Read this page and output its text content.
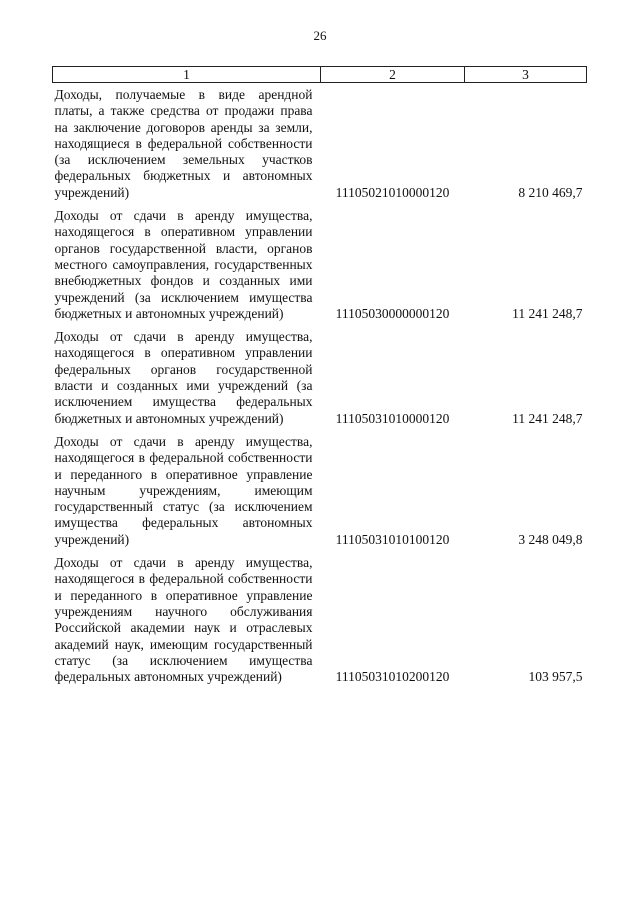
26
1	2	3
Доходы, получаемые в виде арендной платы, а также средства от продажи права на заключение договоров аренды за земли, находящиеся в федеральной собственности (за исключением земельных участков федеральных бюджетных и автономных учреждений)	11105021010000120	8 210 469,7
Доходы от сдачи в аренду имущества, находящегося в оперативном управлении органов государственной власти, органов местного самоуправления, государственных внебюджетных фондов и созданных ими учреждений (за исключением имущества бюджетных и автономных учреждений)	11105030000000120	11 241 248,7
Доходы от сдачи в аренду имущества, находящегося в оперативном управлении федеральных органов государственной власти и созданных ими учреждений (за исключением имущества федеральных бюджетных и автономных учреждений)	11105031010000120	11 241 248,7
Доходы от сдачи в аренду имущества, находящегося в федеральной собственности и переданного в оперативное управление научным учреждениям, имеющим государственный статус (за исключением имущества федеральных автономных учреждений)	11105031010100120	3 248 049,8
Доходы от сдачи в аренду имущества, находящегося в федеральной собственности и переданного в оперативное управление учреждениям научного обслуживания Российской академии наук и отраслевых академий наук, имеющим государственный статус (за исключением имущества федеральных автономных учреждений)	11105031010200120	103 957,5
